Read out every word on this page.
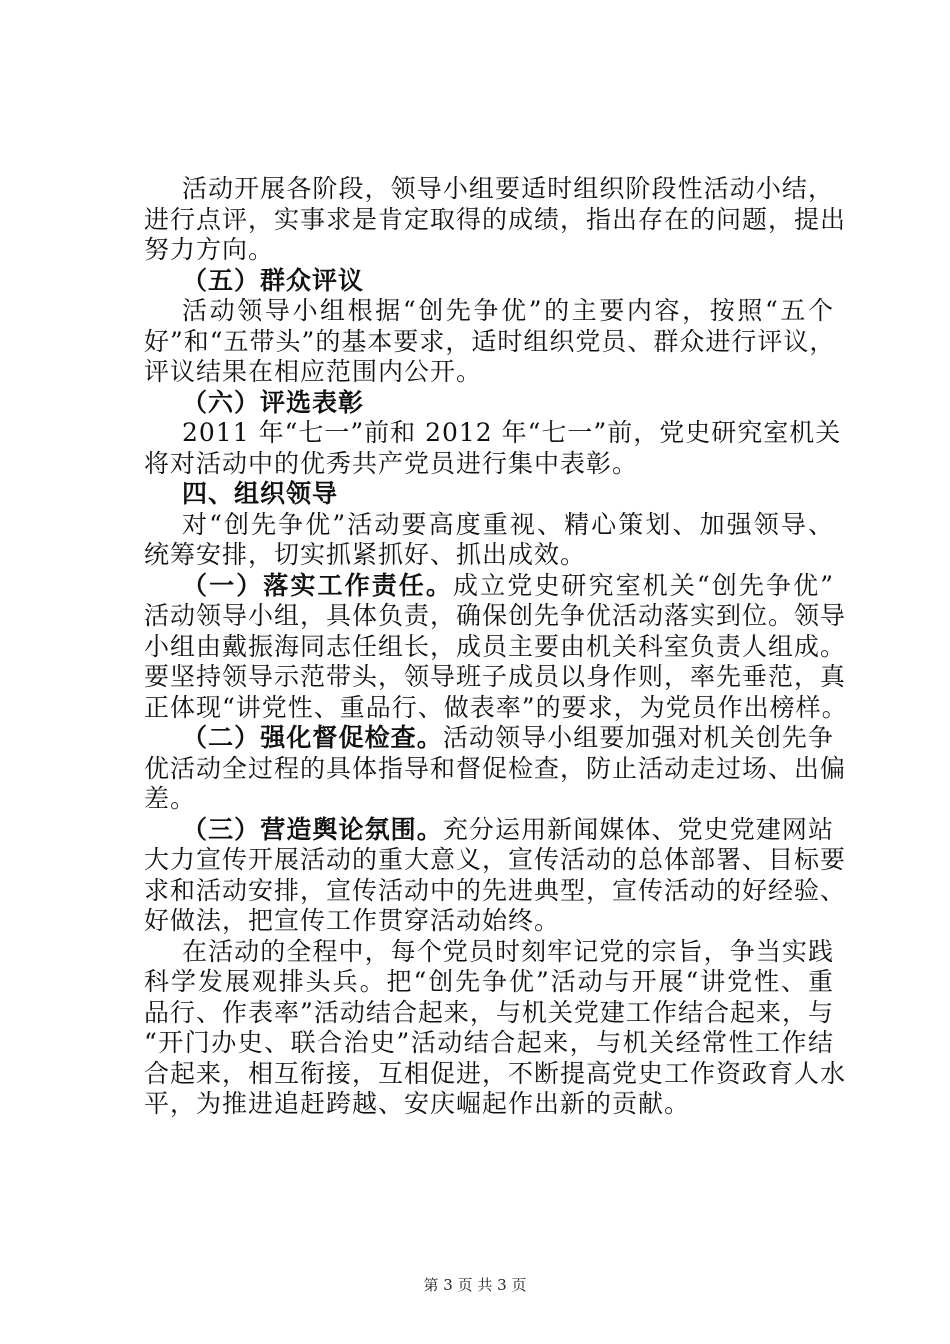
活动开展各阶段，领导小组要适时组织阶段性活动小结，
进行点评，实事求是肯定取得的成绩，指出存在的问题，提出
努力方向。
（五）群众评议
活动领导小组根据“创先争优”的主要内容，按照“五个
好”和“五带头”的基本要求，适时组织党员、群众进行评议，
评议结果在相应范围内公开。
（六）评选表彰
2011 年“七一”前和 2012 年“七一”前，党史研究室机关
将对活动中的优秀共产党员进行集中表彰。
四、组织领导
对“创先争优”活动要高度重视、精心策划、加强领导、
统筹安排，切实抓紧抓好、抓出成效。
（一）落实工作责任。成立党史研究室机关“创先争优”
活动领导小组，具体负责，确保创先争优活动落实到位。领导
小组由戴振海同志任组长，成员主要由机关科室负责人组成。
要坚持领导示范带头，领导班子成员以身作则，率先垂范，真
正体现“讲党性、重品行、做表率”的要求，为党员作出榜样。
（二）强化督促检查。活动领导小组要加强对机关创先争
优活动全过程的具体指导和督促检查，防止活动走过场、出偏
差。
（三）营造舆论氛围。充分运用新闻媒体、党史党建网站
大力宣传开展活动的重大意义，宣传活动的总体部署、目标要
求和活动安排，宣传活动中的先进典型，宣传活动的好经验、
好做法，把宣传工作贯穿活动始终。
在活动的全程中，每个党员时刻牢记党的宗旨，争当实践
科学发展观排头兵。把“创先争优”活动与开展“讲党性、重
品行、作表率”活动结合起来，与机关党建工作结合起来，与
“开门办史、联合治史”活动结合起来，与机关经常性工作结
合起来，相互衔接，互相促进，不断提高党史工作资政育人水
平，为推进追赶跨越、安庆崛起作出新的贡献。
第 3 页 共 3 页
